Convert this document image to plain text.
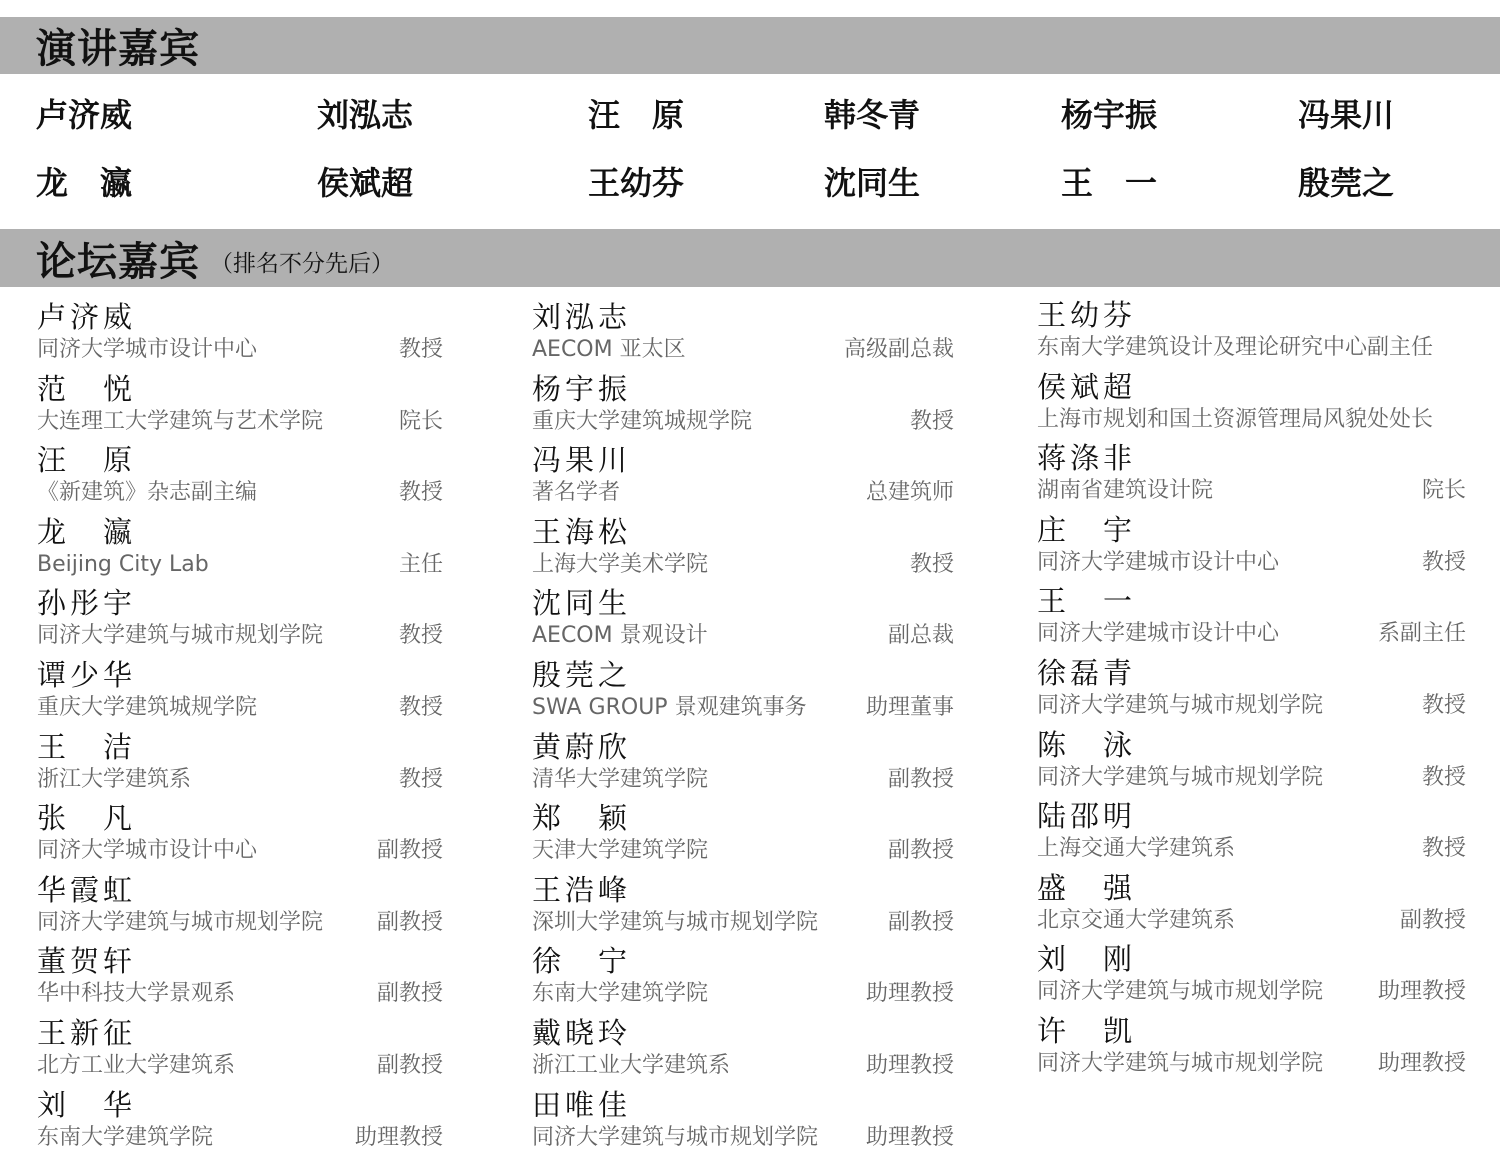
演讲嘉宾
卢济威	刘泓志	汪　原	韩冬青	杨宇振	冯果川
龙　瀛	侯斌超	王幼芬	沈同生	王　一	殷莞之
论坛嘉宾 （排名不分先后）
卢济威
同济大学城市设计中心	教授
范　悦
大连理工大学建筑与艺术学院	院长
汪　原
《新建筑》杂志副主编	教授
龙　瀛
Beijing City Lab	主任
孙彤宇
同济大学建筑与城市规划学院	教授
谭少华
重庆大学建筑城规学院	教授
王　洁
浙江大学建筑系	教授
张　凡
同济大学城市设计中心	副教授
华霞虹
同济大学建筑与城市规划学院 副教授
董贺轩
华中科技大学景观系	副教授
王新征
北方工业大学建筑系	副教授
刘　华
东南大学建筑学院	助理教授
刘泓志
AECOM 亚太区	高级副总裁
杨宇振
重庆大学建筑城规学院	教授
冯果川
著名学者	总建筑师
王海松
上海大学美术学院	教授
沈同生
AECOM 景观设计	副总裁
殷莞之
SWA GROUP 景观建筑事务	助理董事
黄蔚欣
清华大学建筑学院	副教授
郑　颖
天津大学建筑学院	副教授
王浩峰
深圳大学建筑与城市规划学院	副教授
徐　宁
东南大学建筑学院	助理教授
戴晓玲
浙江工业大学建筑系	助理教授
田唯佳
同济大学建筑与城市规划学院 助理教授
王幼芬
东南大学建筑设计及理论研究中心副主任
侯斌超
上海市规划和国土资源管理局风貌处处长
蒋涤非
湖南省建筑设计院	院长
庄　宇
同济大学建城市设计中心	教授
王　一
同济大学建城市设计中心	系副主任
徐磊青
同济大学建筑与城市规划学院	教授
陈　泳
同济大学建筑与城市规划学院	教授
陆邵明
上海交通大学建筑系	教授
盛　强
北京交通大学建筑系	副教授
刘　刚
同济大学建筑与城市规划学院 助理教授
许　凯
同济大学建筑与城市规划学院 助理教授
